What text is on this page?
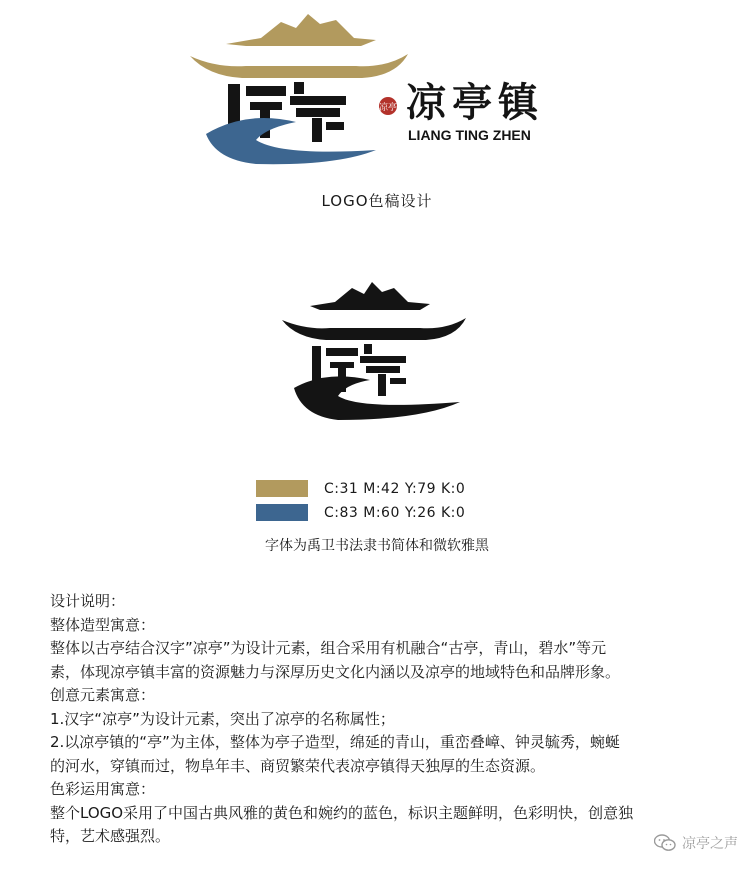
凉亭 凉亭镇
LIANG TING ZHEN
LOGO色稿设计
C:31 M:42 Y:79 K:0
C:83 M:60 Y:26 K:0
字体为禹卫书法隶书简体和微软雅黑
设计说明：
整体造型寓意：
整体以古亭结合汉字”凉亭”为设计元素，组合采用有机融合“古亭，青山，碧水”等元
素，体现凉亭镇丰富的资源魅力与深厚历史文化内涵以及凉亭的地域特色和品牌形象。
创意元素寓意：
1.汉字“凉亭”为设计元素，突出了凉亭的名称属性；
2.以凉亭镇的“亭”为主体，整体为亭子造型，绵延的青山，重峦叠嶂、钟灵毓秀，蜿蜒
的河水，穿镇而过，物阜年丰、商贸繁荣代表凉亭镇得天独厚的生态资源。
色彩运用寓意：
整个LOGO采用了中国古典风雅的黄色和婉约的蓝色，标识主题鲜明，色彩明快，创意独
特，艺术感强烈。	凉亭之声
